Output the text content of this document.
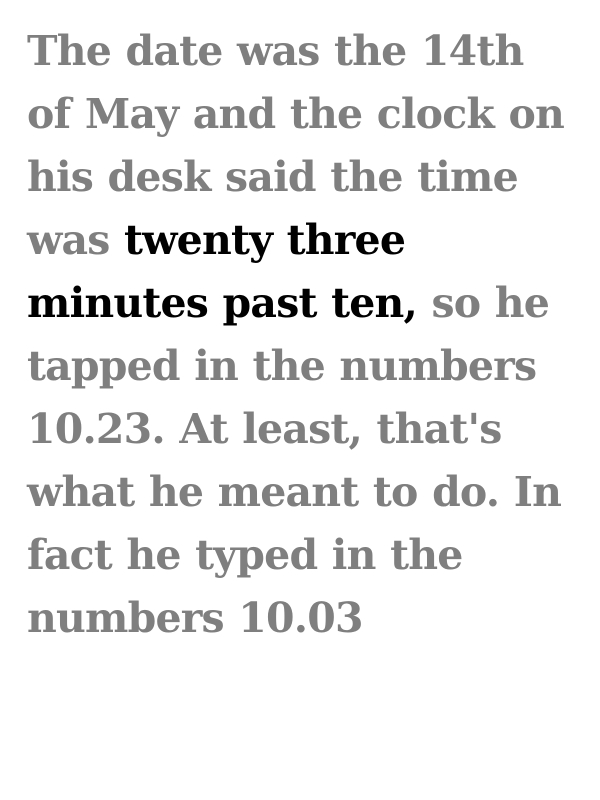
The date was the 14th of May and the clock on his desk said the time was twenty three minutes past ten, so he tapped in the numbers 10.23. At least, that's what he meant to do. In fact he typed in the numbers 10.03
